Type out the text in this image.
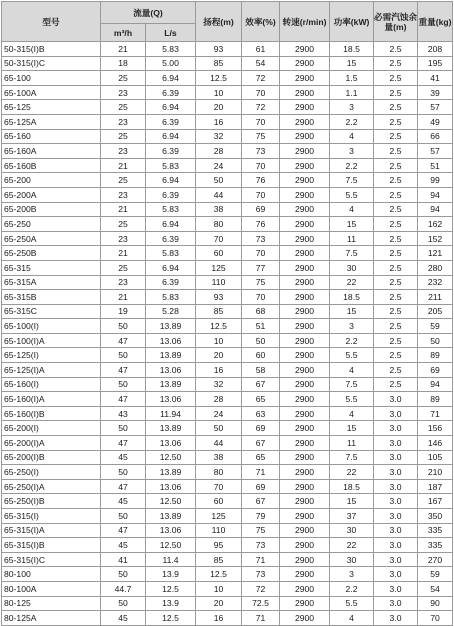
型号	流量(Q)		扬程(m)	效率(%)	转速(r/min)	功率(kW)	必需汽蚀余量(m)	重量(kg)
	m³/h	L/s						
50-315(I)B	21	5.83	93	61	2900	18.5	2.5	208
50-315(I)C	18	5.00	85	54	2900	15	2.5	195
65-100	25	6.94	12.5	72	2900	1.5	2.5	41
65-100A	23	6.39	10	70	2900	1.1	2.5	39
65-125	25	6.94	20	72	2900	3	2.5	57
65-125A	23	6.39	16	70	2900	2.2	2.5	49
65-160	25	6.94	32	75	2900	4	2.5	66
65-160A	23	6.39	28	73	2900	3	2.5	57
65-160B	21	5.83	24	70	2900	2.2	2.5	51
65-200	25	6.94	50	76	2900	7.5	2.5	99
65-200A	23	6.39	44	70	2900	5.5	2.5	94
65-200B	21	5.83	38	69	2900	4	2.5	94
65-250	25	6.94	80	76	2900	15	2.5	162
65-250A	23	6.39	70	73	2900	11	2.5	152
65-250B	21	5.83	60	70	2900	7.5	2.5	121
65-315	25	6.94	125	77	2900	30	2.5	280
65-315A	23	6.39	110	75	2900	22	2.5	232
65-315B	21	5.83	93	70	2900	18.5	2.5	211
65-315C	19	5.28	85	68	2900	15	2.5	205
65-100(I)	50	13.89	12.5	51	2900	3	2.5	59
65-100(I)A	47	13.06	10	50	2900	2.2	2.5	50
65-125(I)	50	13.89	20	60	2900	5.5	2.5	89
65-125(I)A	47	13.06	16	58	2900	4	2.5	69
65-160(I)	50	13.89	32	67	2900	7.5	2.5	94
65-160(I)A	47	13.06	28	65	2900	5.5	3.0	89
65-160(I)B	43	11.94	24	63	2900	4	3.0	71
65-200(I)	50	13.89	50	69	2900	15	3.0	156
65-200(I)A	47	13.06	44	67	2900	11	3.0	146
65-200(I)B	45	12.50	38	65	2900	7.5	3.0	105
65-250(I)	50	13.89	80	71	2900	22	3.0	210
65-250(I)A	47	13.06	70	69	2900	18.5	3.0	187
65-250(I)B	45	12.50	60	67	2900	15	3.0	167
65-315(I)	50	13.89	125	79	2900	37	3.0	350
65-315(I)A	47	13.06	110	75	2900	30	3.0	335
65-315(I)B	45	12.50	95	73	2900	22	3.0	335
65-315(I)C	41	11.4	85	71	2900	30	3.0	270
80-100	50	13.9	12.5	73	2900	3	3.0	59
80-100A	44.7	12.5	10	72	2900	2.2	3.0	54
80-125	50	13.9	20	72.5	2900	5.5	3.0	90
80-125A	45	12.5	16	71	2900	4	3.0	70
